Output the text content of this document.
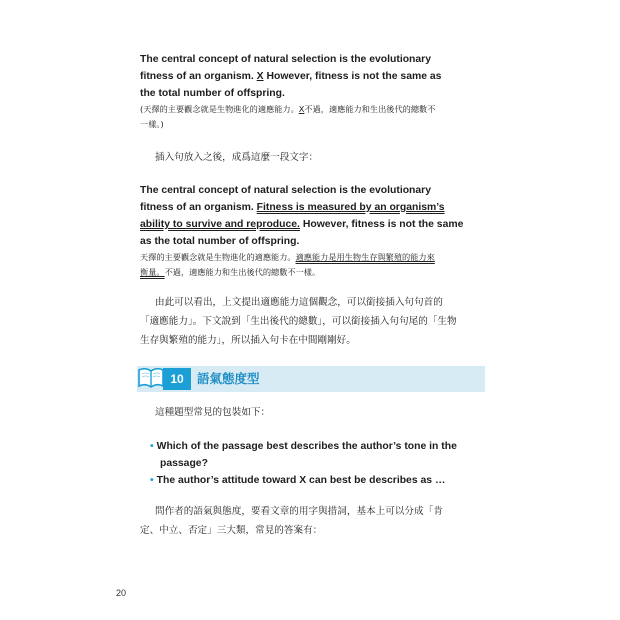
The central concept of natural selection is the evolutionary

fitness of an organism. X However, fitness is not the same as

the total number of offspring.

(天擇的主要觀念就是生物進化的適應能力。X不過，適應能力和生出後代的總數不

一樣。)

插入句放入之後，成爲這麼一段文字：

The central concept of natural selection is the evolutionary

fitness of an organism. Fitness is measured by an organism’s

ability to survive and reproduce. However, fitness is not the same

as the total number of offspring.

天擇的主要觀念就是生物進化的適應能力。適應能力是用生物生存與繁殖的能力來

衡量。不過，適應能力和生出後代的總數不一樣。

由此可以看出，上文提出適應能力這個觀念，可以銜接插入句句首的

「適應能力」。下文說到「生出後代的總數」，可以銜接插入句句尾的「生物

生存與繁殖的能力」，所以插入句卡在中間剛剛好。

10	語氣態度型

這種題型常見的包裝如下：

• Which of the passage best describes the author’s tone in the

passage?

• The author’s attitude toward X can best be describes as …

問作者的語氣與態度，要看文章的用字與措詞，基本上可以分成「肯

定、中立、否定」三大類，常見的答案有：

20
